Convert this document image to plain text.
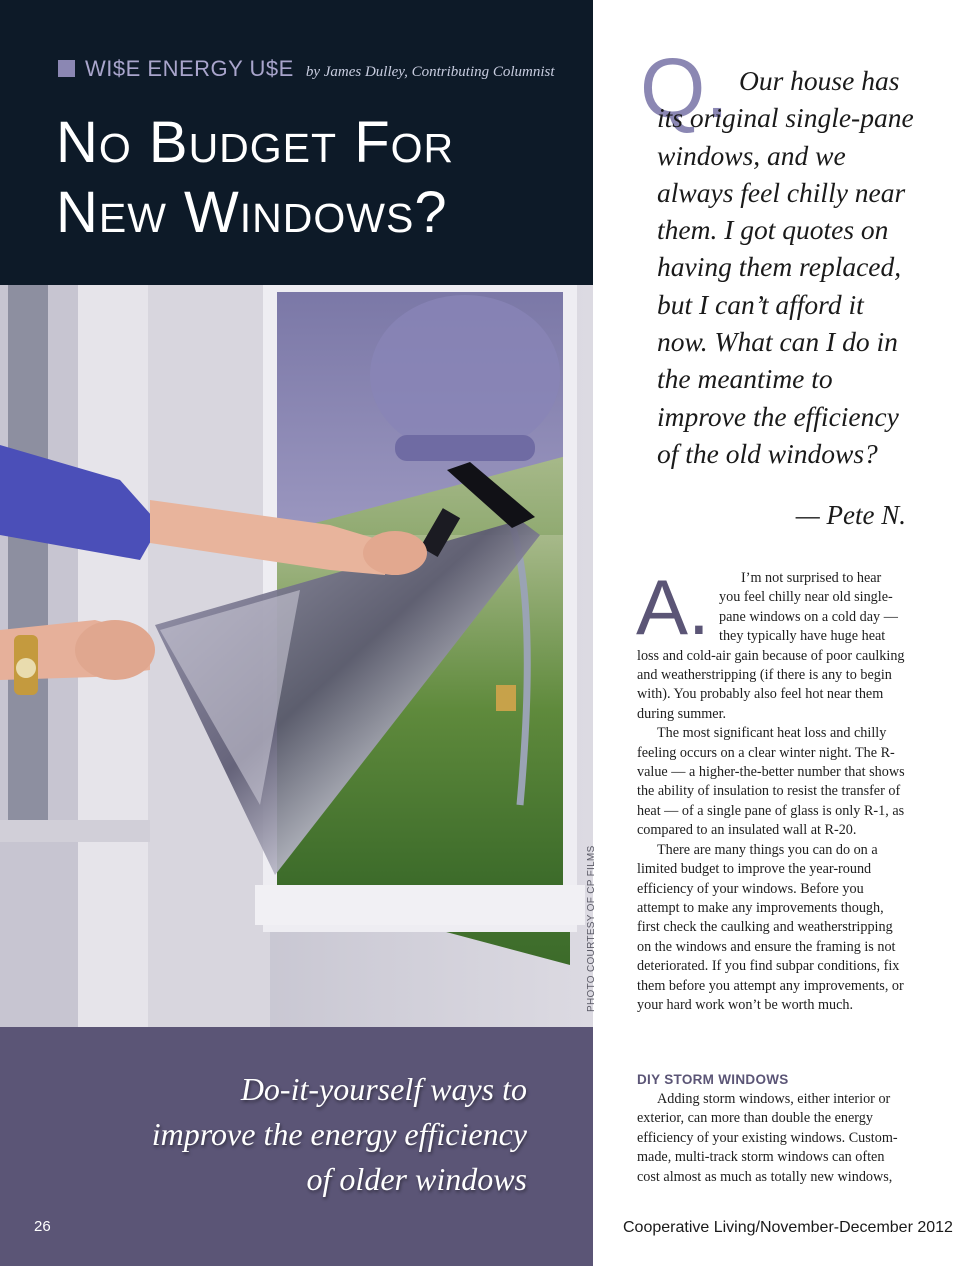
WI$E ENERGY U$E by James Dulley, Contributing Columnist
No Budget For
New Windows?
PHOTO COURTESY OF CP FILMS
Do-it-yourself ways to
improve the energy efficiency
of older windows
26
Q. Our house has its original single-pane windows, and we always feel chilly near them. I got quotes on having them replaced, but I can’t afford it now. What can I do in the meantime to improve the efficiency of the old windows?

— Pete N.
A.	I’m not surprised to hear you feel chilly near old single-pane windows on a cold day — they typically have huge heat loss and cold-air gain because of poor caulking and weatherstripping (if there is any to begin with). You probably also feel hot near them during summer.

The most significant heat loss and chilly feeling occurs on a clear winter night. The R-value — a higher-the-better number that shows the ability of insulation to resist the transfer of heat — of a single pane of glass is only R-1, as compared to an insulated wall at R-20.

There are many things you can do on a limited budget to improve the year-round efficiency of your windows. Before you attempt to make any improvements though, first check the caulking and weatherstripping on the windows and ensure the framing is not deteriorated. If you find subpar conditions, fix them before you attempt any improvements, or your hard work won’t be worth much.

DIY STORM WINDOWS

Adding storm windows, either interior or exterior, can more than double the energy efficiency of your existing windows. Custom-made, multi-track storm windows can often cost almost as much as totally new windows,

Cooperative Living/November-December 2012
